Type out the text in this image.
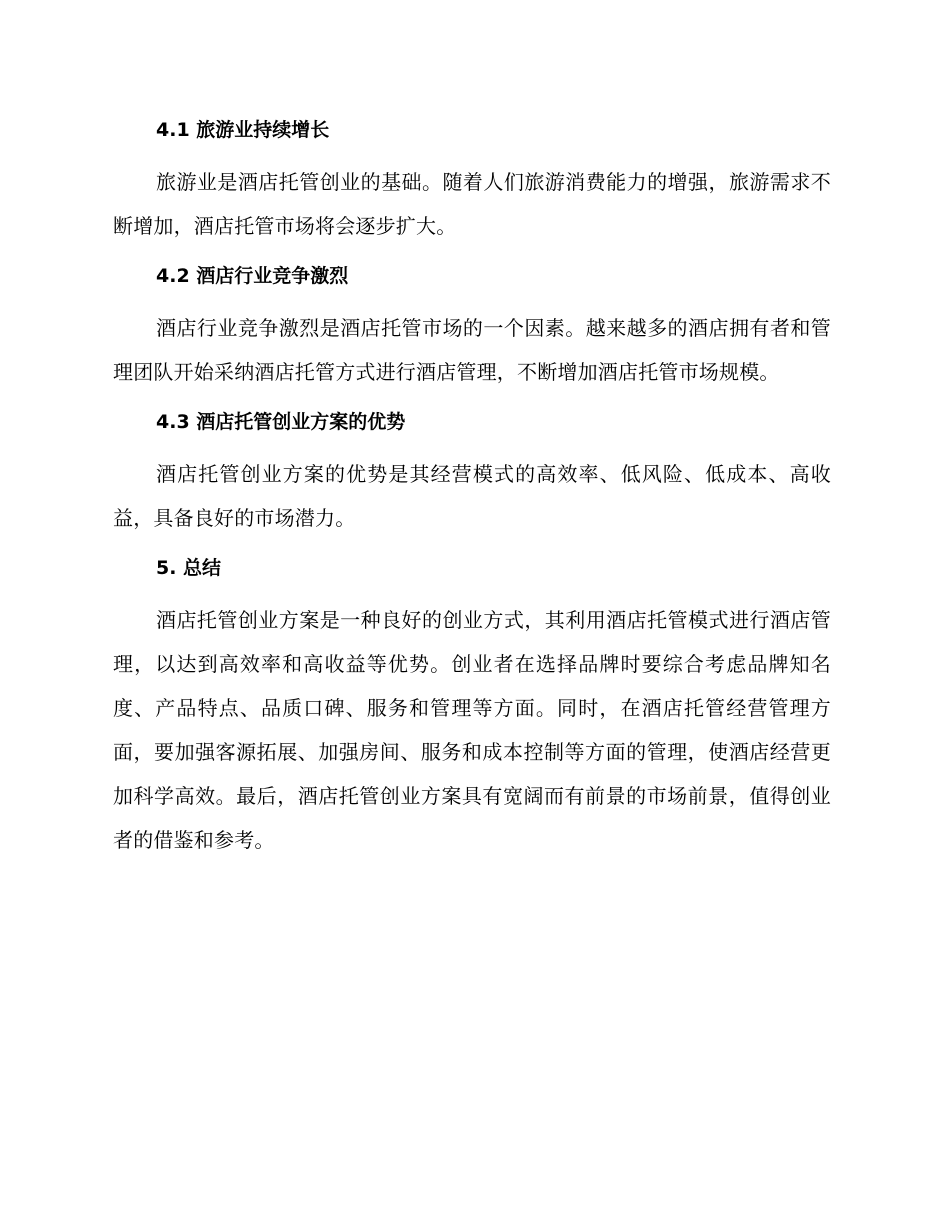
4.1 旅游业持续增长

旅游业是酒店托管创业的基础。随着人们旅游消费能力的增强，旅游需求不断增加，酒店托管市场将会逐步扩大。

4.2 酒店行业竞争激烈

酒店行业竞争激烈是酒店托管市场的一个因素。越来越多的酒店拥有者和管理团队开始采纳酒店托管方式进行酒店管理，不断增加酒店托管市场规模。

4.3 酒店托管创业方案的优势

酒店托管创业方案的优势是其经营模式的高效率、低风险、低成本、高收益，具备良好的市场潜力。

5. 总结

酒店托管创业方案是一种良好的创业方式，其利用酒店托管模式进行酒店管理，以达到高效率和高收益等优势。创业者在选择品牌时要综合考虑品牌知名度、产品特点、品质口碑、服务和管理等方面。同时，在酒店托管经营管理方面，要加强客源拓展、加强房间、服务和成本控制等方面的管理，使酒店经营更加科学高效。最后，酒店托管创业方案具有宽阔而有前景的市场前景，值得创业者的借鉴和参考。
